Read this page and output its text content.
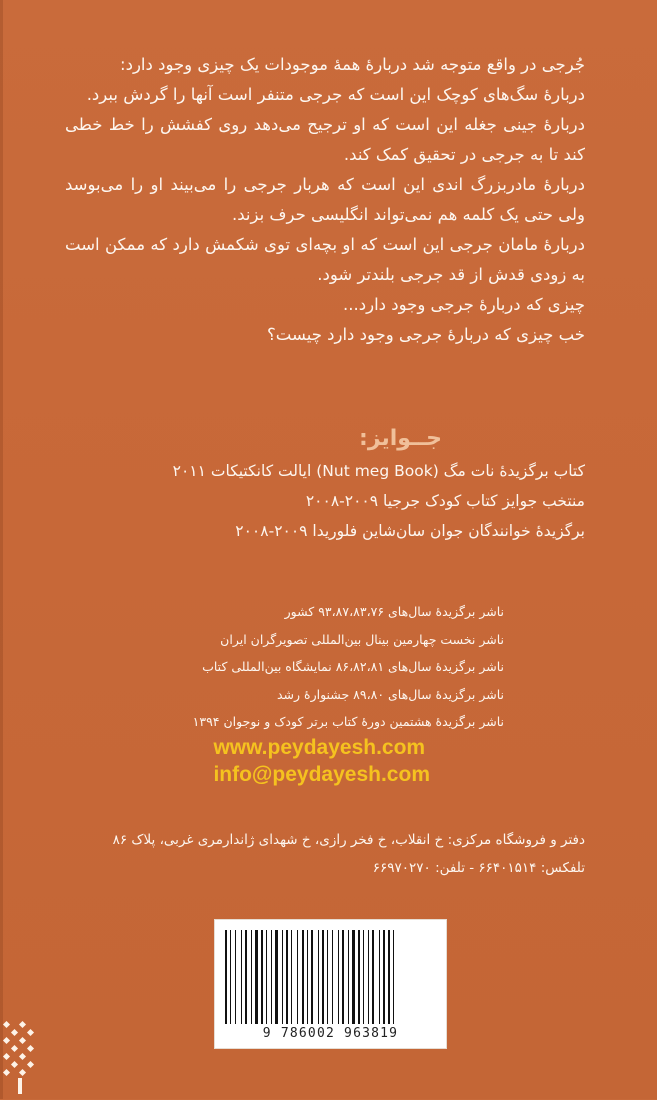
جُرجی در واقع متوجه شد دربارهٔ همهٔ موجودات یک چیزی وجود دارد:

دربارهٔ سگ‌های کوچک این است که جرجی متنفر است آنها را گردش ببرد.

دربارهٔ جینی جغله این است که او ترجیح می‌دهد روی کفشش را خط خطی کند تا به جرجی در تحقیق کمک کند.

دربارهٔ مادربزرگ اندی این است که هربار جرجی را می‌بیند او را می‌بوسد ولی حتی یک کلمه هم نمی‌تواند انگلیسی حرف بزند.

دربارهٔ مامان جرجی این است که او بچه‌ای توی شکمش دارد که ممکن است به زودی قدش از قد جرجی بلندتر شود.

چیزی که دربارهٔ جرجی وجود دارد...

خب چیزی که دربارهٔ جرجی وجود دارد چیست؟

جــوایز:
کتاب برگزیدهٔ نات مگ (Nut meg Book) ایالت کانکتیکات ۲۰۱۱
منتخب جوایز کتاب کودک جرجیا ۲۰۰۹-۲۰۰۸
برگزیدهٔ خوانندگان جوان سان‌شاین فلوریدا ۲۰۰۹-۲۰۰۸
ناشر برگزیدهٔ سال‌های ۹۳،۸۷،۸۳،۷۶ کشور
ناشر نخست چهارمین بینال بین‌المللی تصویرگران ایران
ناشر برگزیدهٔ سال‌های ۸۶،۸۲،۸۱ نمایشگاه بین‌المللی کتاب
ناشر برگزیدهٔ سال‌های ۸۹،۸۰ جشنوارهٔ رشد
ناشر برگزیدهٔ هشتمین دورهٔ کتاب برتر کودک و نوجوان ۱۳۹۴
www.peydayesh.com
info@peydayesh.com
دفتر و فروشگاه مرکزی: خ انقلاب، خ فخر رازی، خ شهدای ژاندارمری غربی، پلاک ۸۶
تلفکس: ۶۶۴۰۱۵۱۴ - تلفن: ۶۶۹۷۰۲۷۰
9 786002 963819
